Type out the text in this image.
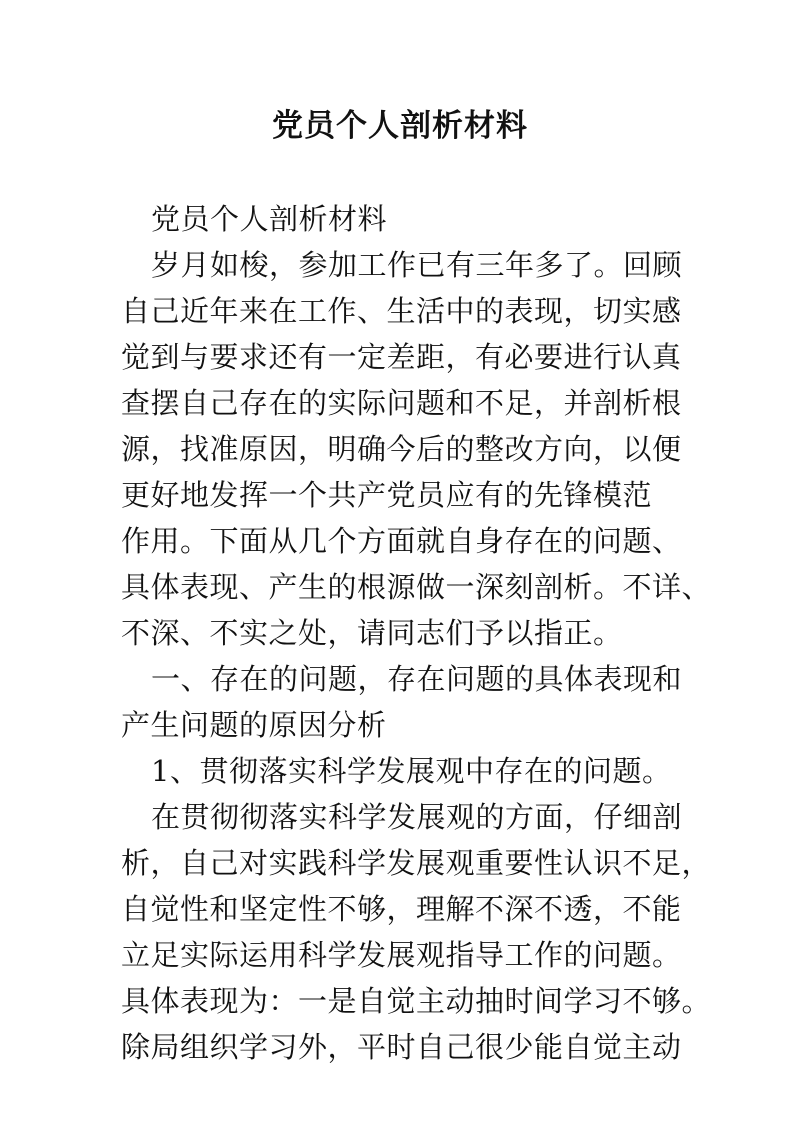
党员个人剖析材料
党员个人剖析材料
岁月如梭，参加工作已有三年多了。回顾
自己近年来在工作、生活中的表现，切实感
觉到与要求还有一定差距，有必要进行认真
查摆自己存在的实际问题和不足，并剖析根
源，找准原因，明确今后的整改方向，以便
更好地发挥一个共产党员应有的先锋模范
作用。下面从几个方面就自身存在的问题、
具体表现、产生的根源做一深刻剖析。不详、
不深、不实之处，请同志们予以指正。
一、存在的问题，存在问题的具体表现和
产生问题的原因分析
1、贯彻落实科学发展观中存在的问题。
在贯彻彻落实科学发展观的方面，仔细剖
析，自己对实践科学发展观重要性认识不足，
自觉性和坚定性不够，理解不深不透，不能
立足实际运用科学发展观指导工作的问题。
具体表现为：一是自觉主动抽时间学习不够。
除局组织学习外，平时自己很少能自觉主动
